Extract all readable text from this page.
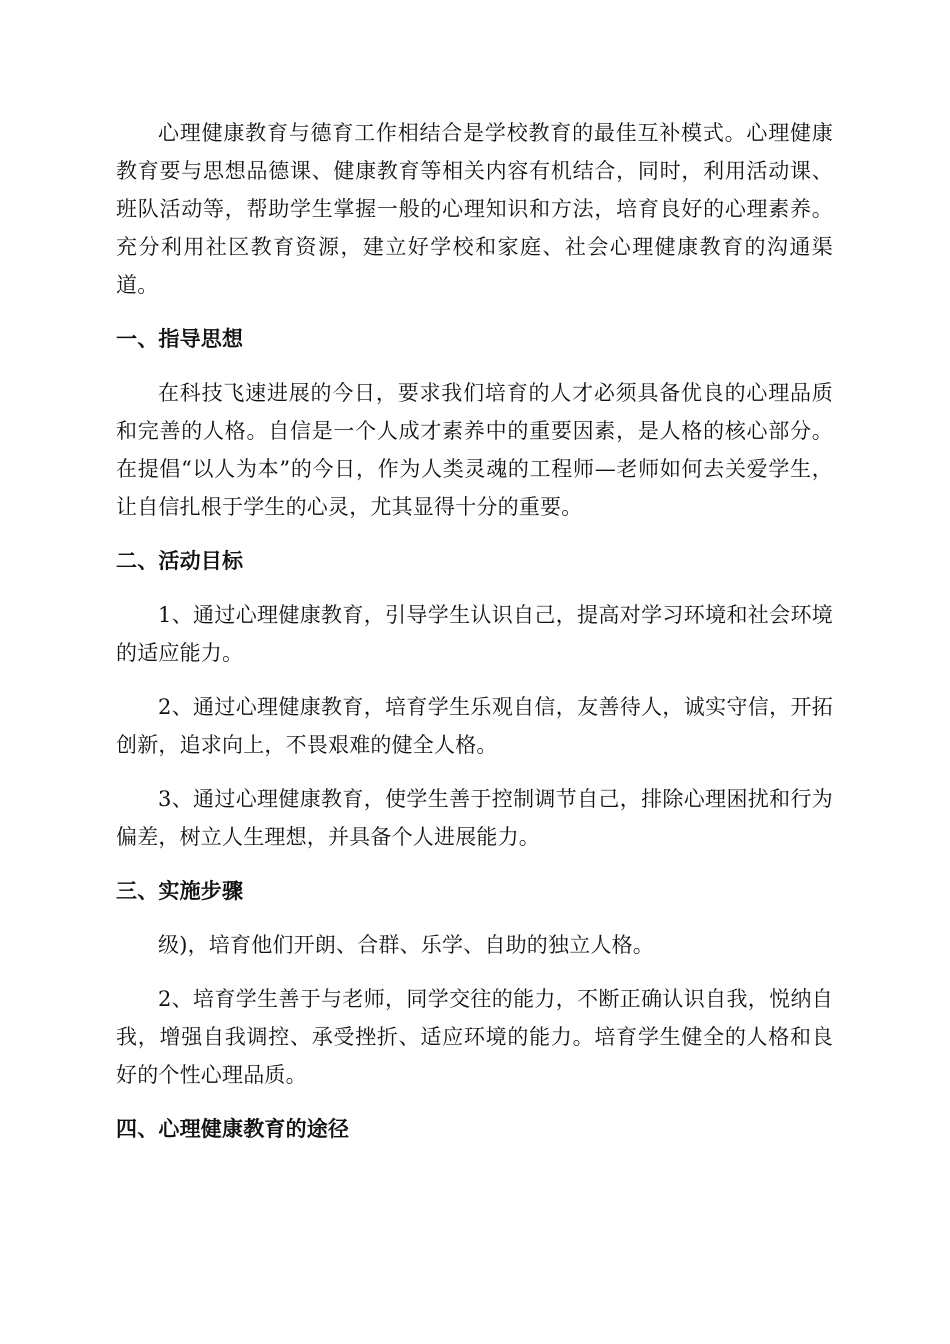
心理健康教育与德育工作相结合是学校教育的最佳互补模式。心理健康教育要与思想品德课、健康教育等相关内容有机结合，同时，利用活动课、班队活动等，帮助学生掌握一般的心理知识和方法，培育良好的心理素养。充分利用社区教育资源，建立好学校和家庭、社会心理健康教育的沟通渠道。

一、指导思想

在科技飞速进展的今日，要求我们培育的人才必须具备优良的心理品质和完善的人格。自信是一个人成才素养中的重要因素，是人格的核心部分。在提倡“以人为本”的今日，作为人类灵魂的工程师—老师如何去关爱学生，让自信扎根于学生的心灵，尤其显得十分的重要。

二、活动目标

1、通过心理健康教育，引导学生认识自己，提高对学习环境和社会环境的适应能力。

2、通过心理健康教育，培育学生乐观自信，友善待人，诚实守信，开拓创新，追求向上，不畏艰难的健全人格。

3、通过心理健康教育，使学生善于控制调节自己，排除心理困扰和行为偏差，树立人生理想，并具备个人进展能力。

三、实施步骤

级)，培育他们开朗、合群、乐学、自助的独立人格。

2、培育学生善于与老师，同学交往的能力，不断正确认识自我，悦纳自我，增强自我调控、承受挫折、适应环境的能力。培育学生健全的人格和良好的个性心理品质。

四、心理健康教育的途径
